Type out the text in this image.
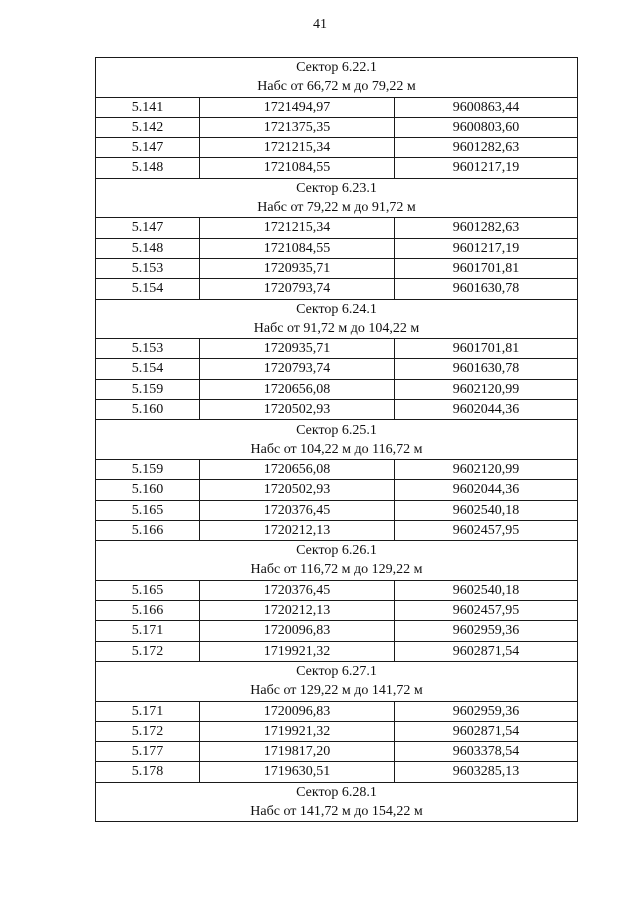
41
Сектор 6.22.1
Набс от 66,72 м до 79,22 м		

5.141	1721494,97	9600863,44
5.142	1721375,35	9600803,60
5.147	1721215,34	9601282,63
5.148	1721084,55	9601217,19

Сектор 6.23.1
Набс от 79,22 м до 91,72 м		

5.147	1721215,34	9601282,63
5.148	1721084,55	9601217,19
5.153	1720935,71	9601701,81
5.154	1720793,74	9601630,78

Сектор 6.24.1
Набс от 91,72 м до 104,22 м		

5.153	1720935,71	9601701,81
5.154	1720793,74	9601630,78
5.159	1720656,08	9602120,99
5.160	1720502,93	9602044,36

Сектор 6.25.1
Набс от 104,22 м до 116,72 м		

5.159	1720656,08	9602120,99
5.160	1720502,93	9602044,36
5.165	1720376,45	9602540,18
5.166	1720212,13	9602457,95

Сектор 6.26.1
Набс от 116,72 м до 129,22 м		

5.165	1720376,45	9602540,18
5.166	1720212,13	9602457,95
5.171	1720096,83	9602959,36
5.172	1719921,32	9602871,54

Сектор 6.27.1
Набс от 129,22 м до 141,72 м		

5.171	1720096,83	9602959,36
5.172	1719921,32	9602871,54
5.177	1719817,20	9603378,54
5.178	1719630,51	9603285,13

Сектор 6.28.1
Набс от 141,72 м до 154,22 м		
